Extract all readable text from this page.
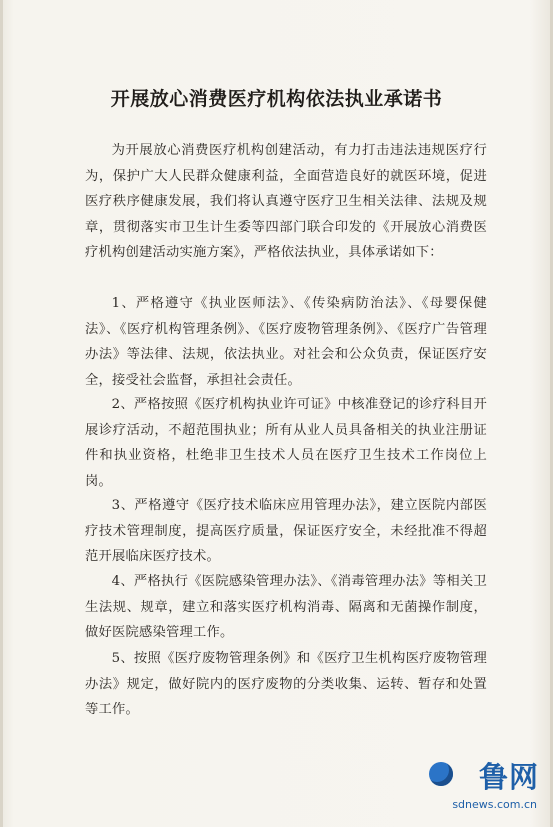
开展放心消费医疗机构依法执业承诺书

为开展放心消费医疗机构创建活动，有力打击违法违规医疗行为，保护广大人民群众健康利益，全面营造良好的就医环境，促进医疗秩序健康发展，我们将认真遵守医疗卫生相关法律、法规及规章，贯彻落实市卫生计生委等四部门联合印发的《开展放心消费医疗机构创建活动实施方案》，严格依法执业，具体承诺如下：

1、严格遵守《执业医师法》、《传染病防治法》、《母婴保健法》、《医疗机构管理条例》、《医疗废物管理条例》、《医疗广告管理办法》等法律、法规，依法执业。对社会和公众负责，保证医疗安全，接受社会监督，承担社会责任。

2、严格按照《医疗机构执业许可证》中核准登记的诊疗科目开展诊疗活动，不超范围执业；所有从业人员具备相关的执业注册证件和执业资格，杜绝非卫生技术人员在医疗卫生技术工作岗位上岗。

3、严格遵守《医疗技术临床应用管理办法》，建立医院内部医疗技术管理制度，提高医疗质量，保证医疗安全，未经批准不得超范开展临床医疗技术。

4、严格执行《医院感染管理办法》、《消毒管理办法》等相关卫生法规、规章，建立和落实医疗机构消毒、隔离和无菌操作制度，做好医院感染管理工作。

5、按照《医疗废物管理条例》和《医疗卫生机构医疗废物管理办法》规定，做好院内的医疗废物的分类收集、运转、暂存和处置等工作。

鲁网
sdnews.com.cn
